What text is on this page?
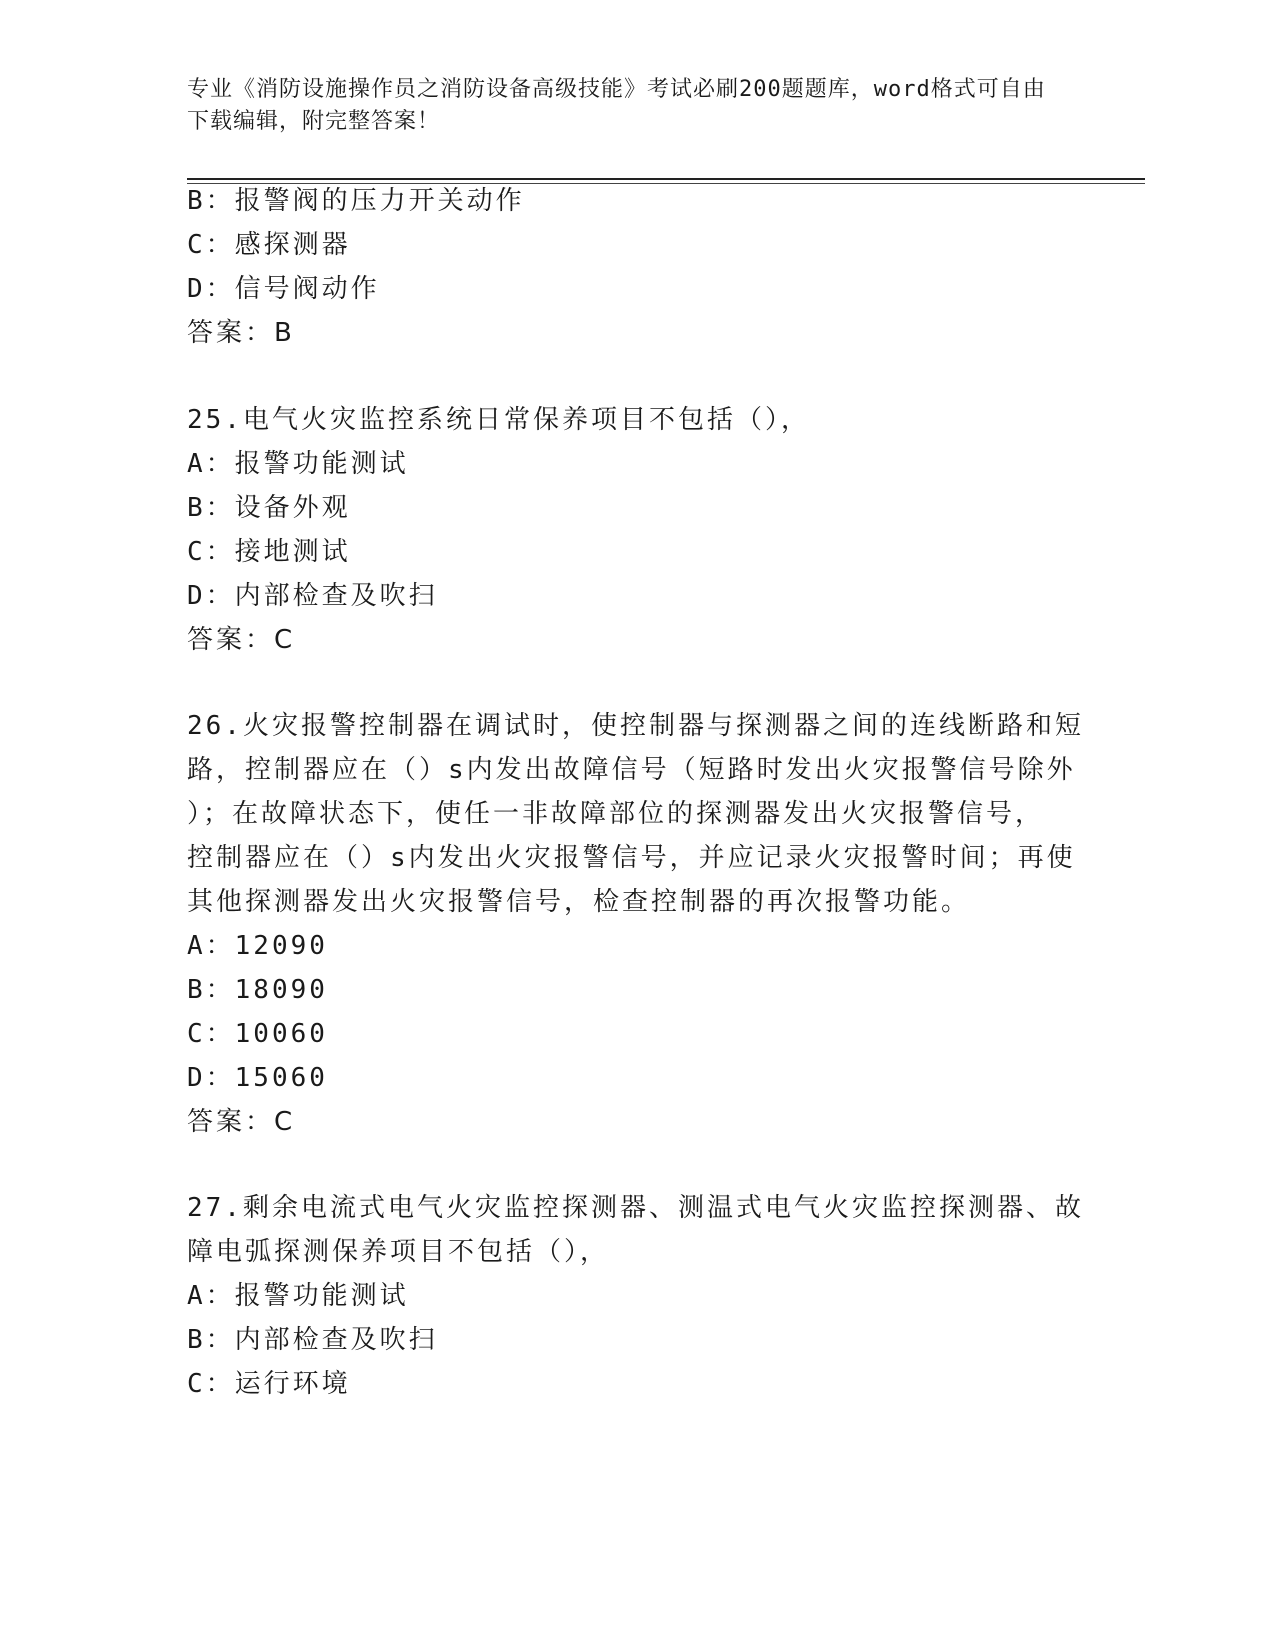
专业《消防设施操作员之消防设备高级技能》考试必刷200题题库，word格式可自由下载编辑，附完整答案！
B：报警阀的压力开关动作
C：感探测器
D：信号阀动作
答案：B
25.电气火灾监控系统日常保养项目不包括（），
A：报警功能测试
B：设备外观
C：接地测试
D：内部检查及吹扫
答案：C
26.火灾报警控制器在调试时，使控制器与探测器之间的连线断路和短
路，控制器应在（）s内发出故障信号（短路时发出火灾报警信号除外
）；在故障状态下，使任一非故障部位的探测器发出火灾报警信号，
控制器应在（）s内发出火灾报警信号，并应记录火灾报警时间；再使
其他探测器发出火灾报警信号，检查控制器的再次报警功能。
A：12090
B：18090
C：10060
D：15060
答案：C
27.剩余电流式电气火灾监控探测器、测温式电气火灾监控探测器、故
障电弧探测保养项目不包括（），
A：报警功能测试
B：内部检查及吹扫
C：运行环境
